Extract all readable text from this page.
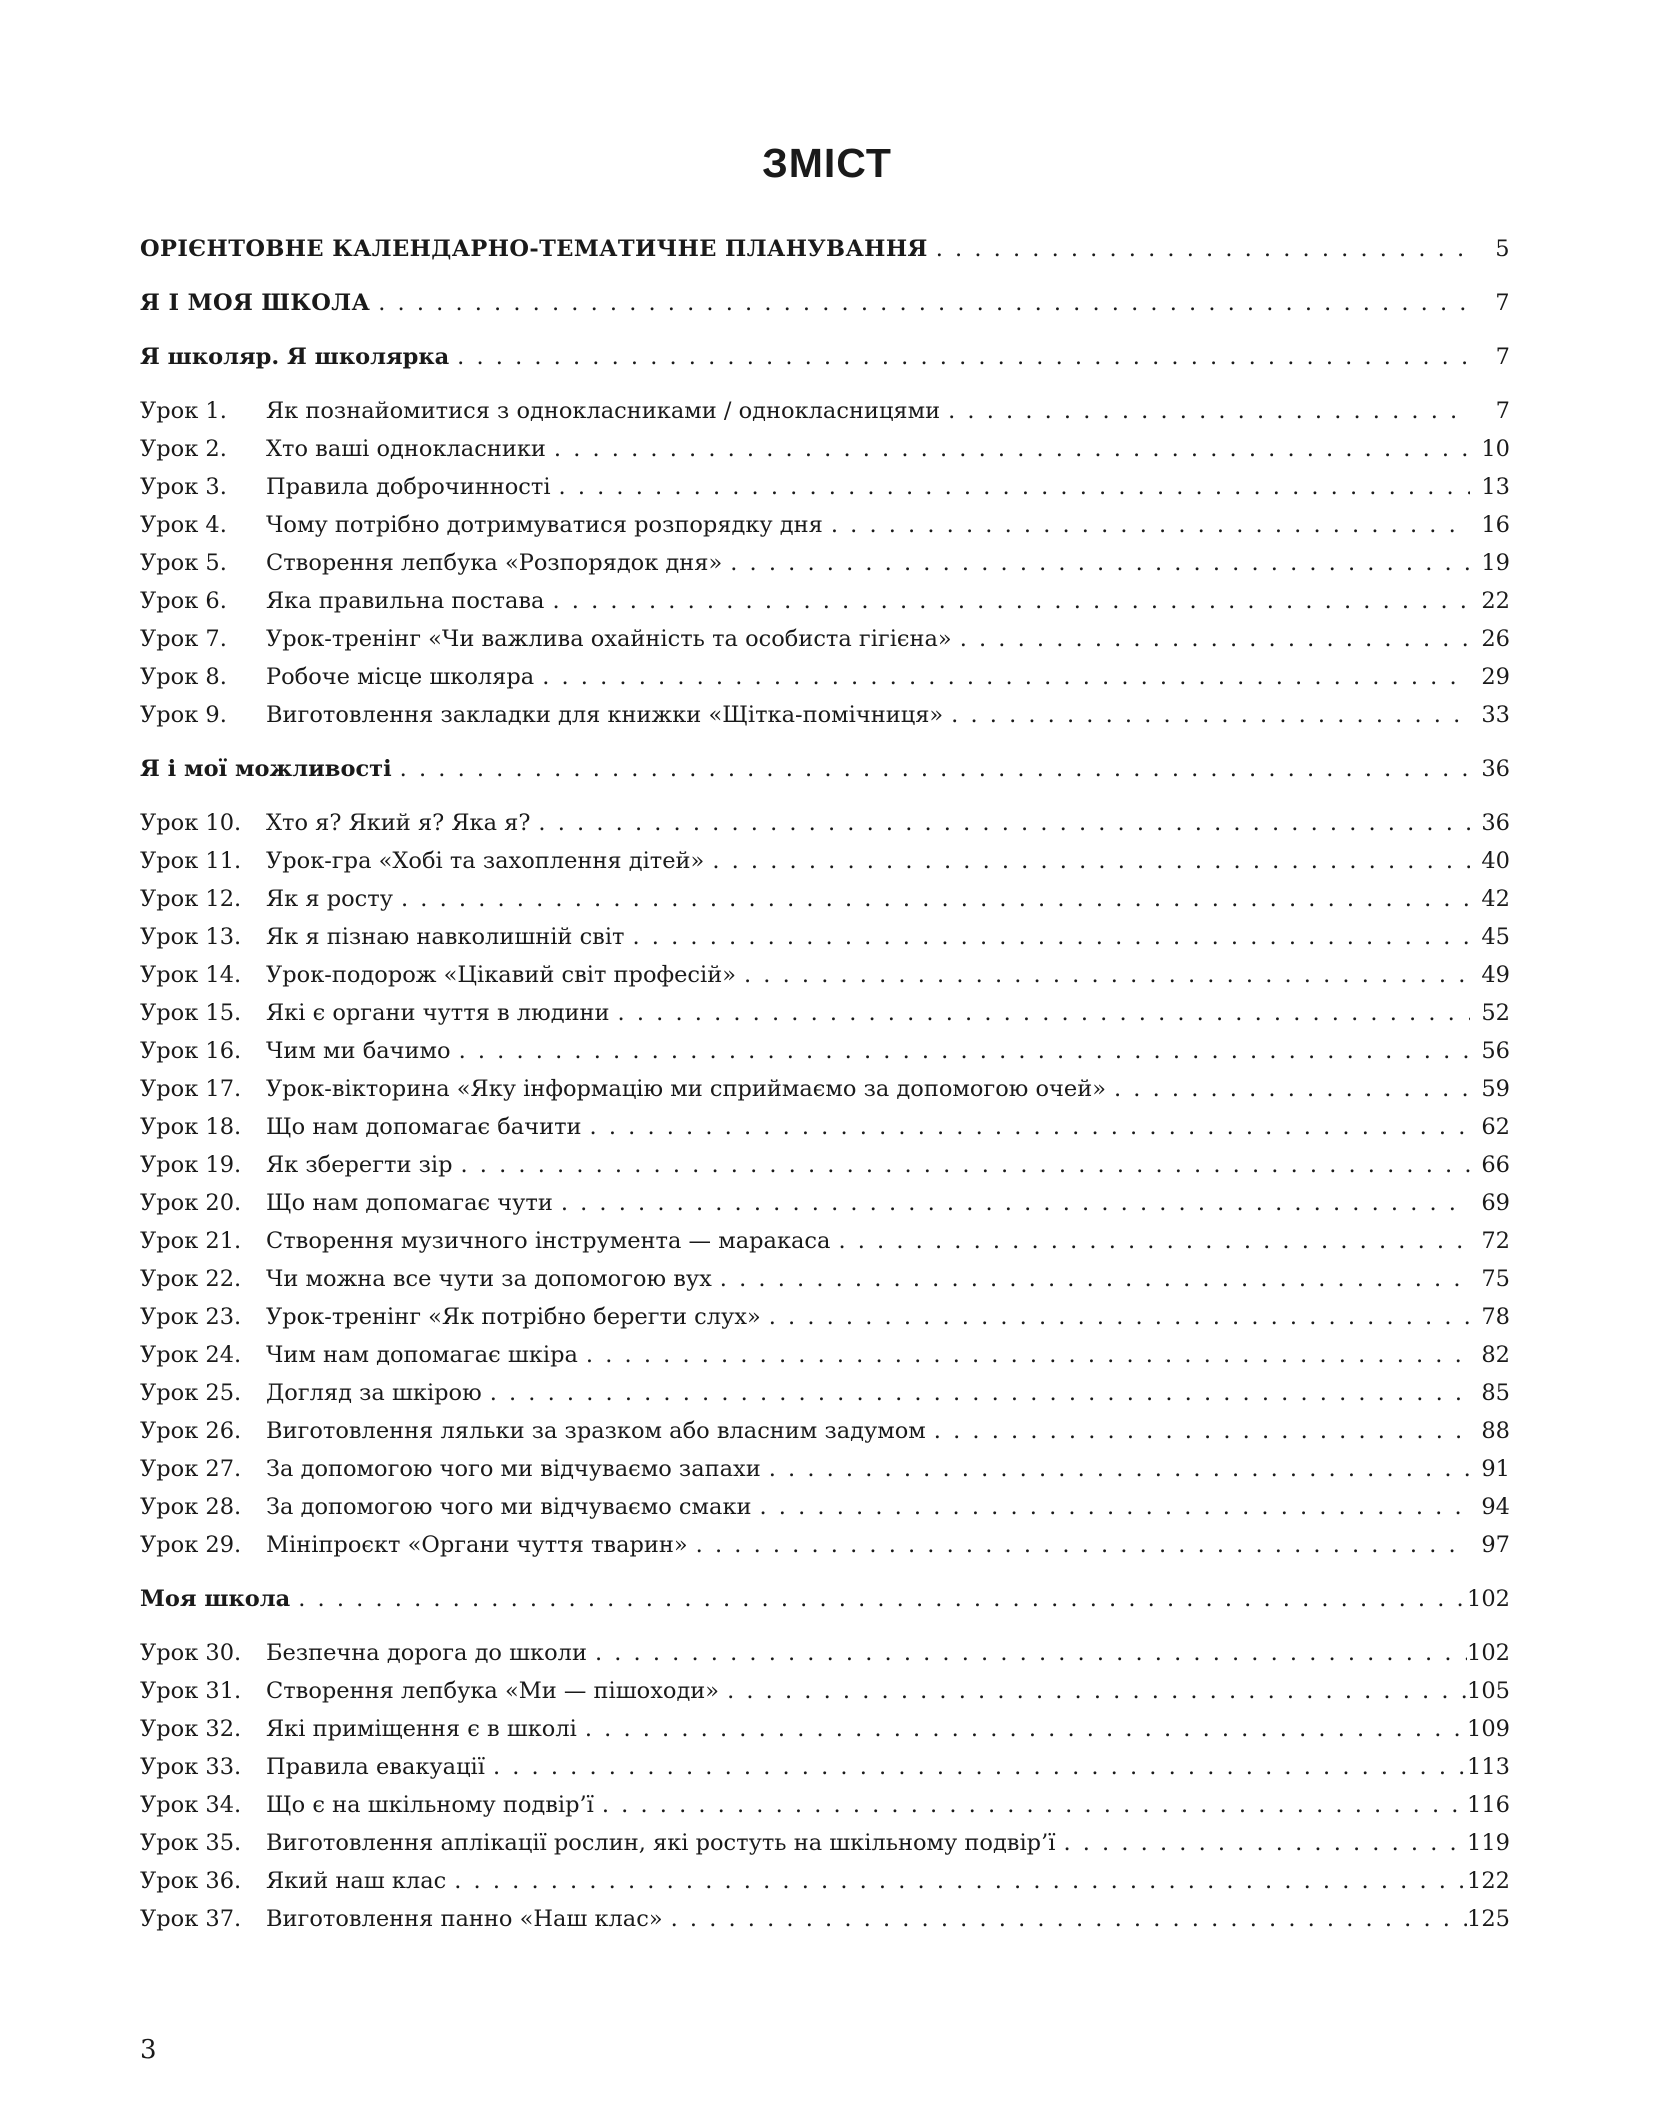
ЗМІСТ
ОРІЄНТОВНЕ КАЛЕНДАРНО-ТЕМАТИЧНЕ ПЛАНУВАННЯ . . .	5
Я І МОЯ ШКОЛА . . .	7
Я школяр. Я школярка . . .	7
Урок 1.	Як познайомитися з однокласниками / однокласницями . . .	7
Урок 2.	Хто ваші однокласники . . .	10
Урок 3.	Правила доброчинності . . .	13
Урок 4.	Чому потрібно дотримуватися розпорядку дня . . .	16
Урок 5.	Створення лепбука «Розпорядок дня» . . .	19
Урок 6.	Яка правильна постава . . .	22
Урок 7.	Урок-тренінг «Чи важлива охайність та особиста гігієна» . . .	26
Урок 8.	Робоче місце школяра . . .	29
Урок 9.	Виготовлення закладки для книжки «Щітка-помічниця» . . .	33
Я і мої можливості . . .	36
Урок 10.	Хто я? Який я? Яка я? . . .	36
Урок 11.	Урок-гра «Хобі та захоплення дітей» . . .	40
Урок 12.	Як я росту . . .	42
Урок 13.	Як я пізнаю навколишній світ . . .	45
Урок 14.	Урок-подорож «Цікавий світ професій» . . .	49
Урок 15.	Які є органи чуття в людини . . .	52
Урок 16.	Чим ми бачимо . . .	56
Урок 17.	Урок-вікторина «Яку інформацію ми сприймаємо за допомогою очей» . . .	59
Урок 18.	Що нам допомагає бачити . . .	62
Урок 19.	Як зберегти зір . . .	66
Урок 20.	Що нам допомагає чути . . .	69
Урок 21.	Створення музичного інструмента — маракаса . . .	72
Урок 22.	Чи можна все чути за допомогою вух . . .	75
Урок 23.	Урок-тренінг «Як потрібно берегти слух» . . .	78
Урок 24.	Чим нам допомагає шкіра . . .	82
Урок 25.	Догляд за шкірою . . .	85
Урок 26.	Виготовлення ляльки за зразком або власним задумом . . .	88
Урок 27.	За допомогою чого ми відчуваємо запахи . . .	91
Урок 28.	За допомогою чого ми відчуваємо смаки . . .	94
Урок 29.	Мініпроєкт «Органи чуття тварин» . . .	97
Моя школа . . .	102
Урок 30.	Безпечна дорога до школи . . .	102
Урок 31.	Створення лепбука «Ми — пішоходи» . . .	105
Урок 32.	Які приміщення є в школі . . .	109
Урок 33.	Правила евакуації . . .	113
Урок 34.	Що є на шкільному подвір’ї . . .	116
Урок 35.	Виготовлення аплікації рослин, які ростуть на шкільному подвір’ї . . .	119
Урок 36.	Який наш клас . . .	122
Урок 37.	Виготовлення панно «Наш клас» . . .	125
3
